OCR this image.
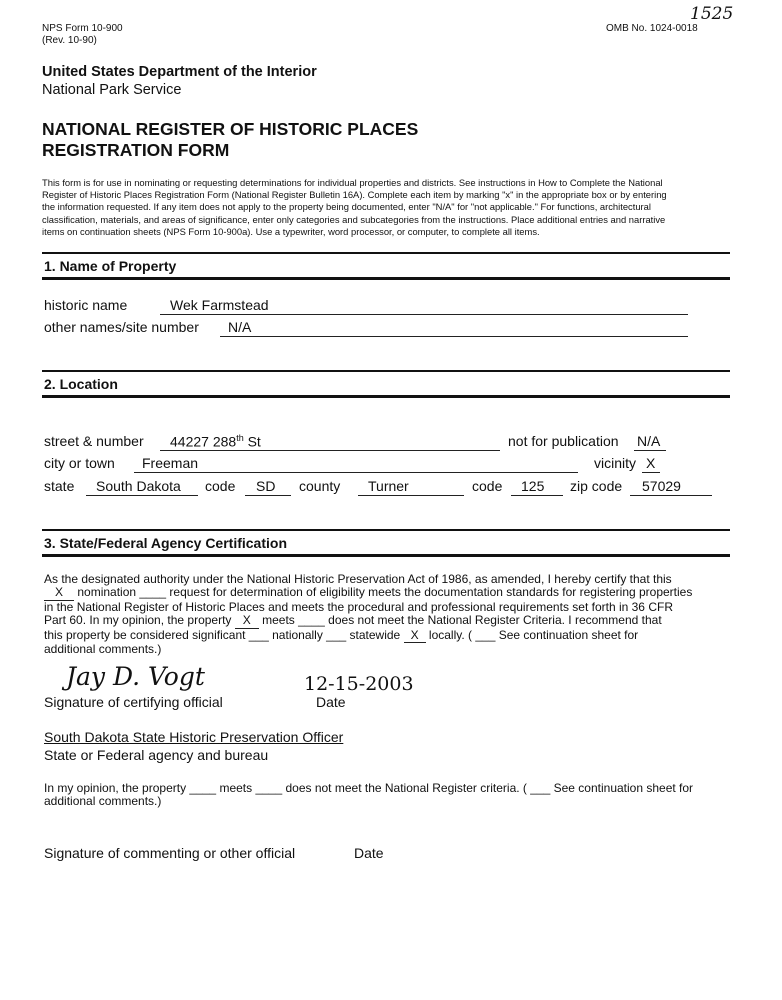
NPS Form 10-900
(Rev. 10-90)
OMB No. 1024-0018
1525
United States Department of the Interior
National Park Service
NATIONAL REGISTER OF HISTORIC PLACES
REGISTRATION FORM
This form is for use in nominating or requesting determinations for individual properties and districts. See instructions in How to Complete the National
Register of Historic Places Registration Form (National Register Bulletin 16A). Complete each item by marking "x" in the appropriate box or by entering
the information requested. If any item does not apply to the property being documented, enter "N/A" for "not applicable." For functions, architectural
classification, materials, and areas of significance, enter only categories and subcategories from the instructions. Place additional entries and narrative
items on continuation sheets (NPS Form 10-900a). Use a typewriter, word processor, or computer, to complete all items.
1. Name of Property
historic name	Wek Farmstead
other names/site number N/A
2. Location
street & number 44227 288th St	not for publication N/A
city or town Freeman	vicinity X
state South Dakota code SD county Turner	code 125 zip code 57029
3. State/Federal Agency Certification
As the designated authority under the National Historic Preservation Act of 1986, as amended, I hereby certify that this
X nomination ____ request for determination of eligibility meets the documentation standards for registering properties
in the National Register of Historic Places and meets the procedural and professional requirements set forth in 36 CFR
Part 60. In my opinion, the property X meets ____ does not meet the National Register Criteria. I recommend that
this property be considered significant ___ nationally ___ statewide X locally. ( ___ See continuation sheet for
additional comments.)
Jay D. Vogt	12-15-2003
Signature of certifying official	Date
South Dakota State Historic Preservation Officer
State or Federal agency and bureau
In my opinion, the property ____ meets ____ does not meet the National Register criteria. ( ___ See continuation sheet for
additional comments.)
Signature of commenting or other official	Date
